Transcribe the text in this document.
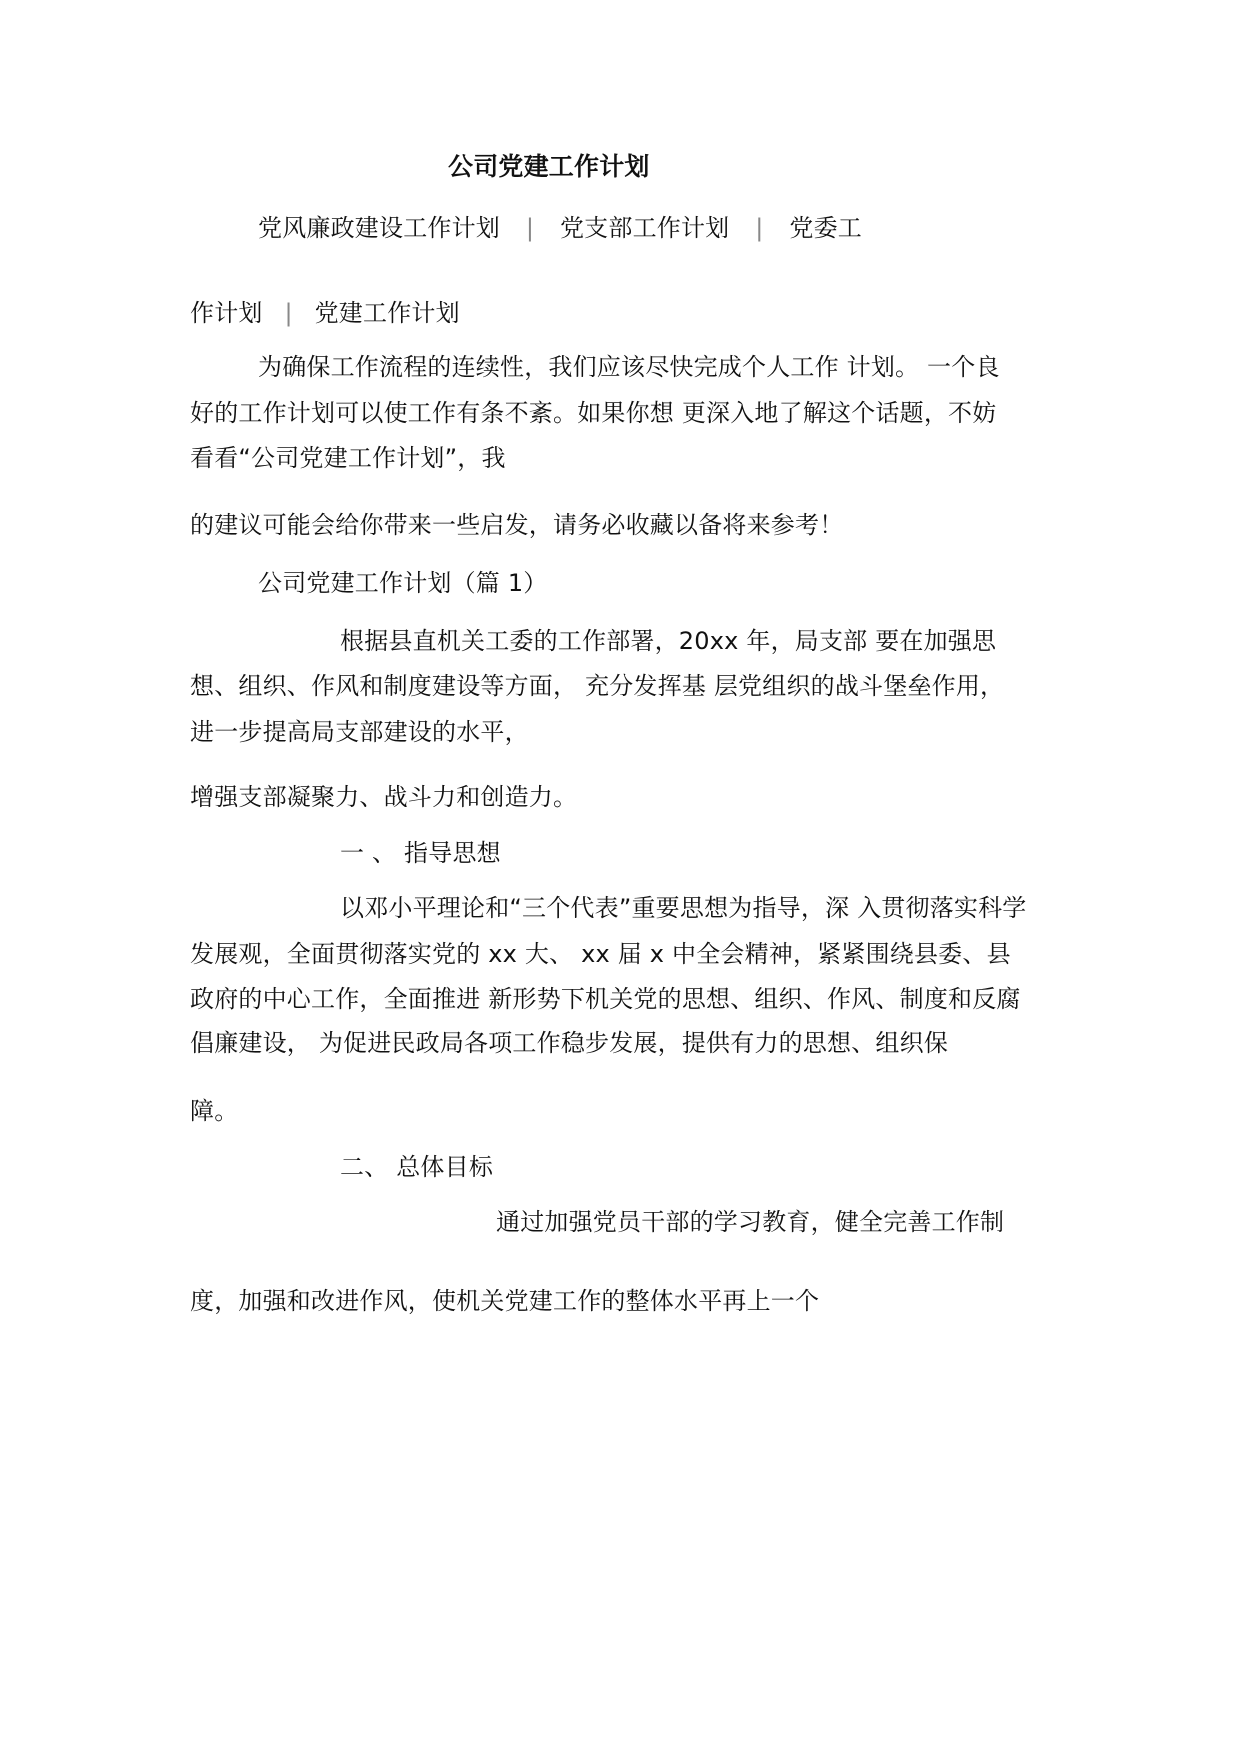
公司党建工作计划
党风廉政建设工作计划 | 党支部工作计划 | 党委工
作计划 | 党建工作计划
为确保工作流程的连续性，我们应该尽快完成个人工作 计划。 一个良
好的工作计划可以使工作有条不紊。如果你想 更深入地了解这个话题，不妨
看看“公司党建工作计划”，我
的建议可能会给你带来一些启发，请务必收藏以备将来参考！
公司党建工作计划（篇 1）
根据县直机关工委的工作部署，20xx 年，局支部 要在加强思
想、组织、作风和制度建设等方面， 充分发挥基 层党组织的战斗堡垒作用，
进一步提高局支部建设的水平，
增强支部凝聚力、战斗力和创造力。
一 、 指导思想
以邓小平理论和“三个代表”重要思想为指导，深 入贯彻落实科学
发展观，全面贯彻落实党的 xx 大、 xx 届 x 中全会精神，紧紧围绕县委、县
政府的中心工作，全面推进 新形势下机关党的思想、组织、作风、制度和反腐
倡廉建设， 为促进民政局各项工作稳步发展，提供有力的思想、组织保
障。
二、 总体目标
通过加强党员干部的学习教育，健全完善工作制
度，加强和改进作风，使机关党建工作的整体水平再上一个
